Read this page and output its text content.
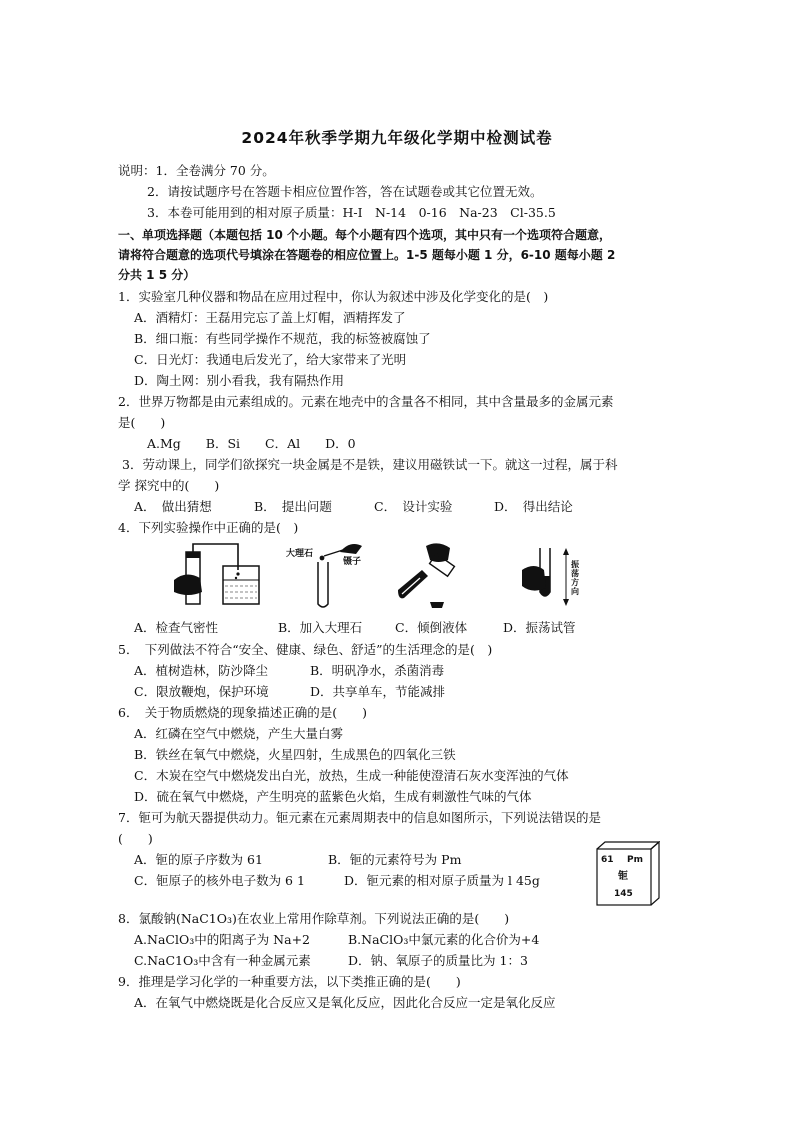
2024年秋季学期九年级化学期中检测试卷
说明：1．全卷满分 70 分。
2．请按试题序号在答题卡相应位置作答，答在试题卷或其它位置无效。
3．本卷可能用到的相对原子质量：H-I　N-14　0-16　Na-23　Cl-35.5
一、单项选择题（本题包括 10 个小题。每个小题有四个选项，其中只有一个选项符合题意，
请将符合题意的选项代号填涂在答题卷的相应位置上。1-5 题每小题 1 分，6-10 题每小题 2
分共 1 5 分）
1．实验室几种仪器和物品在应用过程中，你认为叙述中涉及化学变化的是(　)
A．酒精灯：王磊用完忘了盖上灯帽，酒精挥发了
B．细口瓶：有些同学操作不规范，我的标签被腐蚀了
C．日光灯：我通电后发光了，给大家带来了光明
D．陶土网：别小看我，我有隔热作用
2．世界万物都是由元素组成的。元素在地壳中的含量各不相同，其中含量最多的金属元素
是(　　)
A.Mg　　B．Si　　C．Al　　D．0
3．劳动课上，同学们欲探究一块金属是不是铁，建议用磁铁试一下。就这一过程，属于科
学 探究中的(　　)
A．　做出猜想	B．　提出问题	C．　设计实验	D．　得出结论
4．下列实验操作中正确的是(　)
大理石
镊子	振荡方向
A．检查气密性	B．加入大理石	C．倾倒液体	D．振荡试管
5．　下列做法不符合“安全、健康、绿色、舒适”的生活理念的是(　)
A．植树造林，防沙降尘	B．明矾净水，杀菌消毒
C．限放鞭炮，保护环境	D．共享单车，节能减排
6．　关于物质燃烧的现象描述正确的是(　　)
A．红磷在空气中燃烧，产生大量白雾
B．铁丝在氧气中燃烧，火星四射，生成黑色的四氧化三铁
C．木炭在空气中燃烧发出白光，放热，生成一种能使澄清石灰水变浑浊的气体
D．硫在氧气中燃烧，产生明亮的蓝紫色火焰，生成有刺激性气味的气体
7．钷可为航天器提供动力。钷元素在元素周期表中的信息如图所示，下列说法错误的是
(　　)
A．钷的原子序数为 61	B．钷的元素符号为 Pm
C．钷原子的核外电子数为 6 1	D．钷元素的相对原子质量为 l 45g
61 Pm
钷
145
8．氯酸钠(NaC1O₃)在农业上常用作除草剂。下列说法正确的是(　　)
A.NaClO₃中的阳离子为 Na+2	B.NaClO₃中氯元素的化合价为+4
C.NaC1O₃中含有一种金属元素	D．钠、氧原子的质量比为 1：3
9．推理是学习化学的一种重要方法，以下类推正确的是(　　)
A．在氧气中燃烧既是化合反应又是氧化反应，因此化合反应一定是氧化反应
